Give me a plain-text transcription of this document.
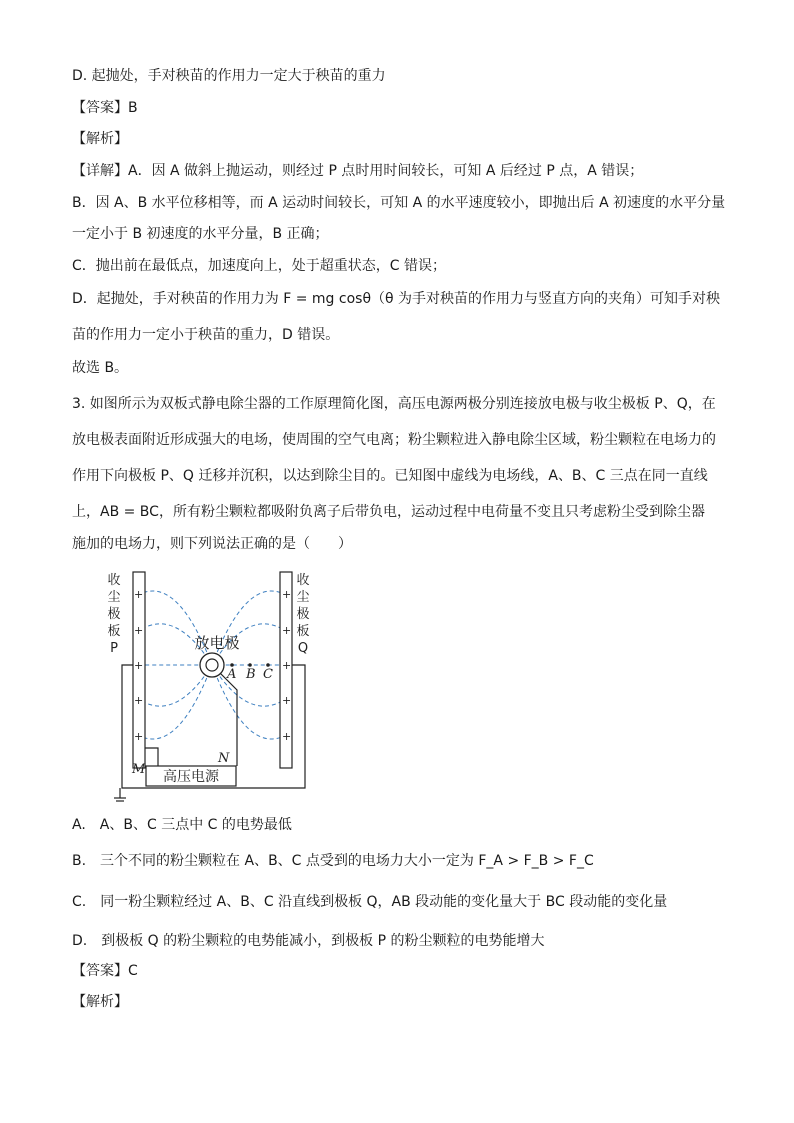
D. 起抛处，手对秧苗的作用力一定大于秧苗的重力
【答案】B
【解析】
【详解】A．因 A 做斜上抛运动，则经过 P 点时用时间较长，可知 A 后经过 P 点，A 错误；
B．因 A、B 水平位移相等，而 A 运动时间较长，可知 A 的水平速度较小，即抛出后 A 初速度的水平分量
一定小于 B 初速度的水平分量，B 正确；
C．抛出前在最低点，加速度向上，处于超重状态，C 错误；
D．起抛处，手对秧苗的作用力为 F = mg cosθ（θ 为手对秧苗的作用力与竖直方向的夹角）可知手对秧
苗的作用力一定小于秧苗的重力，D 错误。
故选 B。
3. 如图所示为双板式静电除尘器的工作原理简化图，高压电源两极分别连接放电极与收尘极板 P、Q，在
放电极表面附近形成强大的电场，使周围的空气电离；粉尘颗粒进入静电除尘区域，粉尘颗粒在电场力的
作用下向极板 P、Q 迁移并沉积，以达到除尘目的。已知图中虚线为电场线，A、B、C 三点在同一直线
上，AB = BC，所有粉尘颗粒都吸附负离子后带负电，运动过程中电荷量不变且只考虑粉尘受到除尘器
施加的电场力，则下列说法正确的是（　　）
+
+
+
+
+
+
+
+
+
+
收
尘
极
板
P
收
尘
极
板
Q
放电极
A B C
M
N
高压电源
A.　A、B、C 三点中 C 的电势最低
B.　三个不同的粉尘颗粒在 A、B、C 点受到的电场力大小一定为 F_A > F_B > F_C
C.　同一粉尘颗粒经过 A、B、C 沿直线到极板 Q，AB 段动能的变化量大于 BC 段动能的变化量
D.　到极板 Q 的粉尘颗粒的电势能减小，到极板 P 的粉尘颗粒的电势能增大
【答案】C
【解析】
